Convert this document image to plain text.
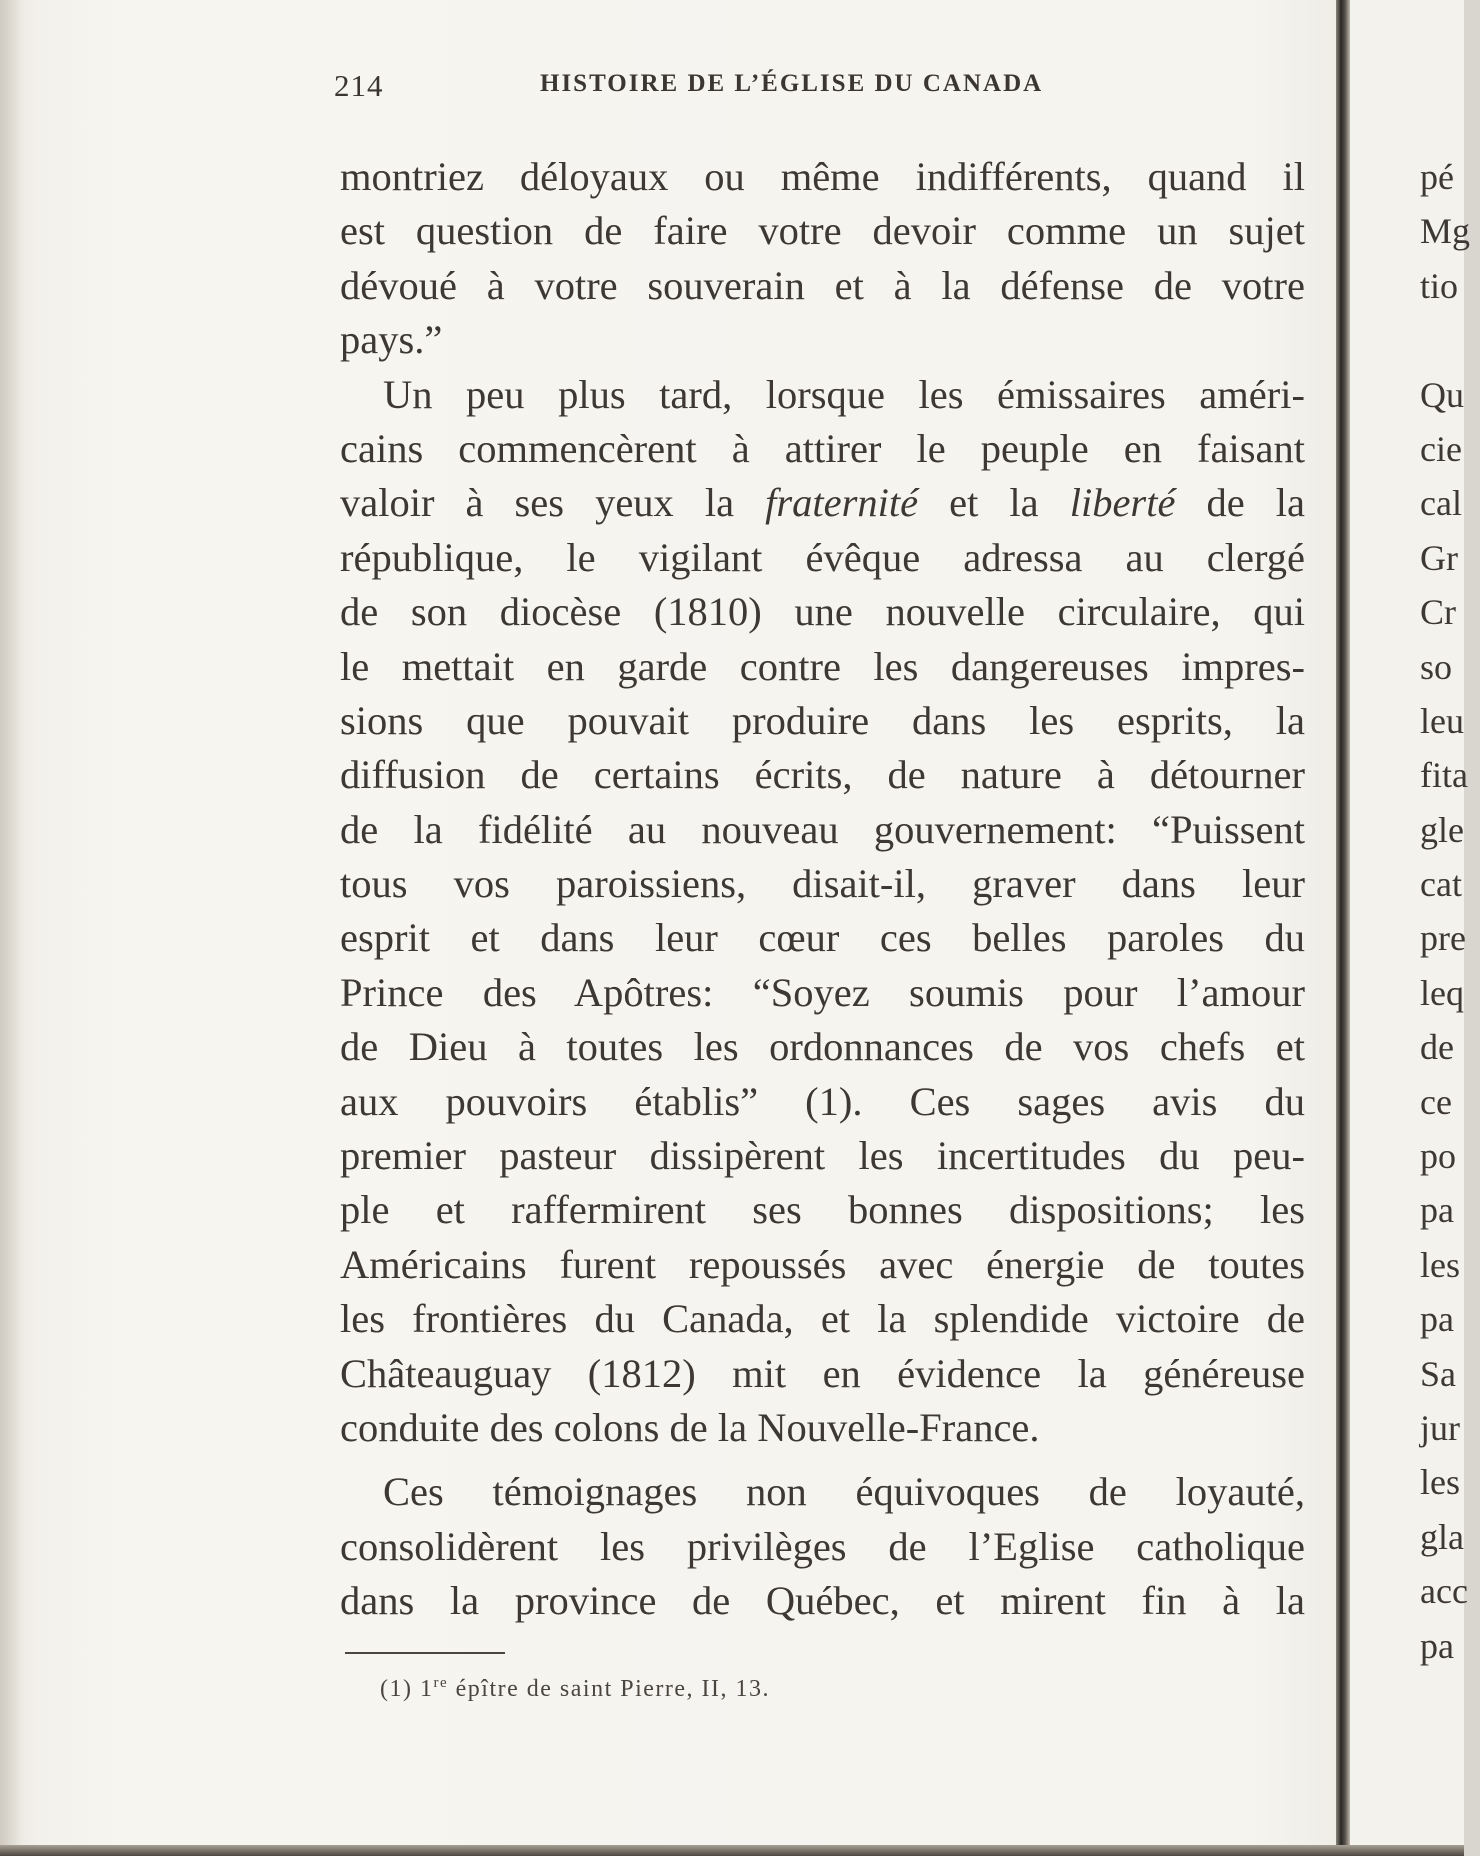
pé
Mg
tio
Qu
cie
cal
Gr
Cr
so
leu
fita
gle
cat
pre
leq
de
ce
po
pa
les
pa
Sa
jur
les
gla
acc
pa
214	HISTOIRE DE L’ÉGLISE DU CANADA
montriez déloyaux ou même indifférents, quand il
est question de faire votre devoir comme un sujet
dévoué à votre souverain et à la défense de votre
pays.”
Un peu plus tard, lorsque les émissaires améri-
cains commencèrent à attirer le peuple en faisant
valoir à ses yeux la fraternité et la liberté de la
république, le vigilant évêque adressa au clergé
de son diocèse (1810) une nouvelle circulaire, qui
le mettait en garde contre les dangereuses impres-
sions que pouvait produire dans les esprits, la
diffusion de certains écrits, de nature à détourner
de la fidélité au nouveau gouvernement: “Puissent
tous vos paroissiens, disait-il, graver dans leur
esprit et dans leur cœur ces belles paroles du
Prince des Apôtres: “Soyez soumis pour l’amour
de Dieu à toutes les ordonnances de vos chefs et
aux pouvoirs établis” (1). Ces sages avis du
premier pasteur dissipèrent les incertitudes du peu-
ple et raffermirent ses bonnes dispositions; les
Américains furent repoussés avec énergie de toutes
les frontières du Canada, et la splendide victoire de
Châteauguay (1812) mit en évidence la généreuse
conduite des colons de la Nouvelle-France.
Ces témoignages non équivoques de loyauté,
consolidèrent les privilèges de l’Eglise catholique
dans la province de Québec, et mirent fin à la
(1) 1re épître de saint Pierre, II, 13.
